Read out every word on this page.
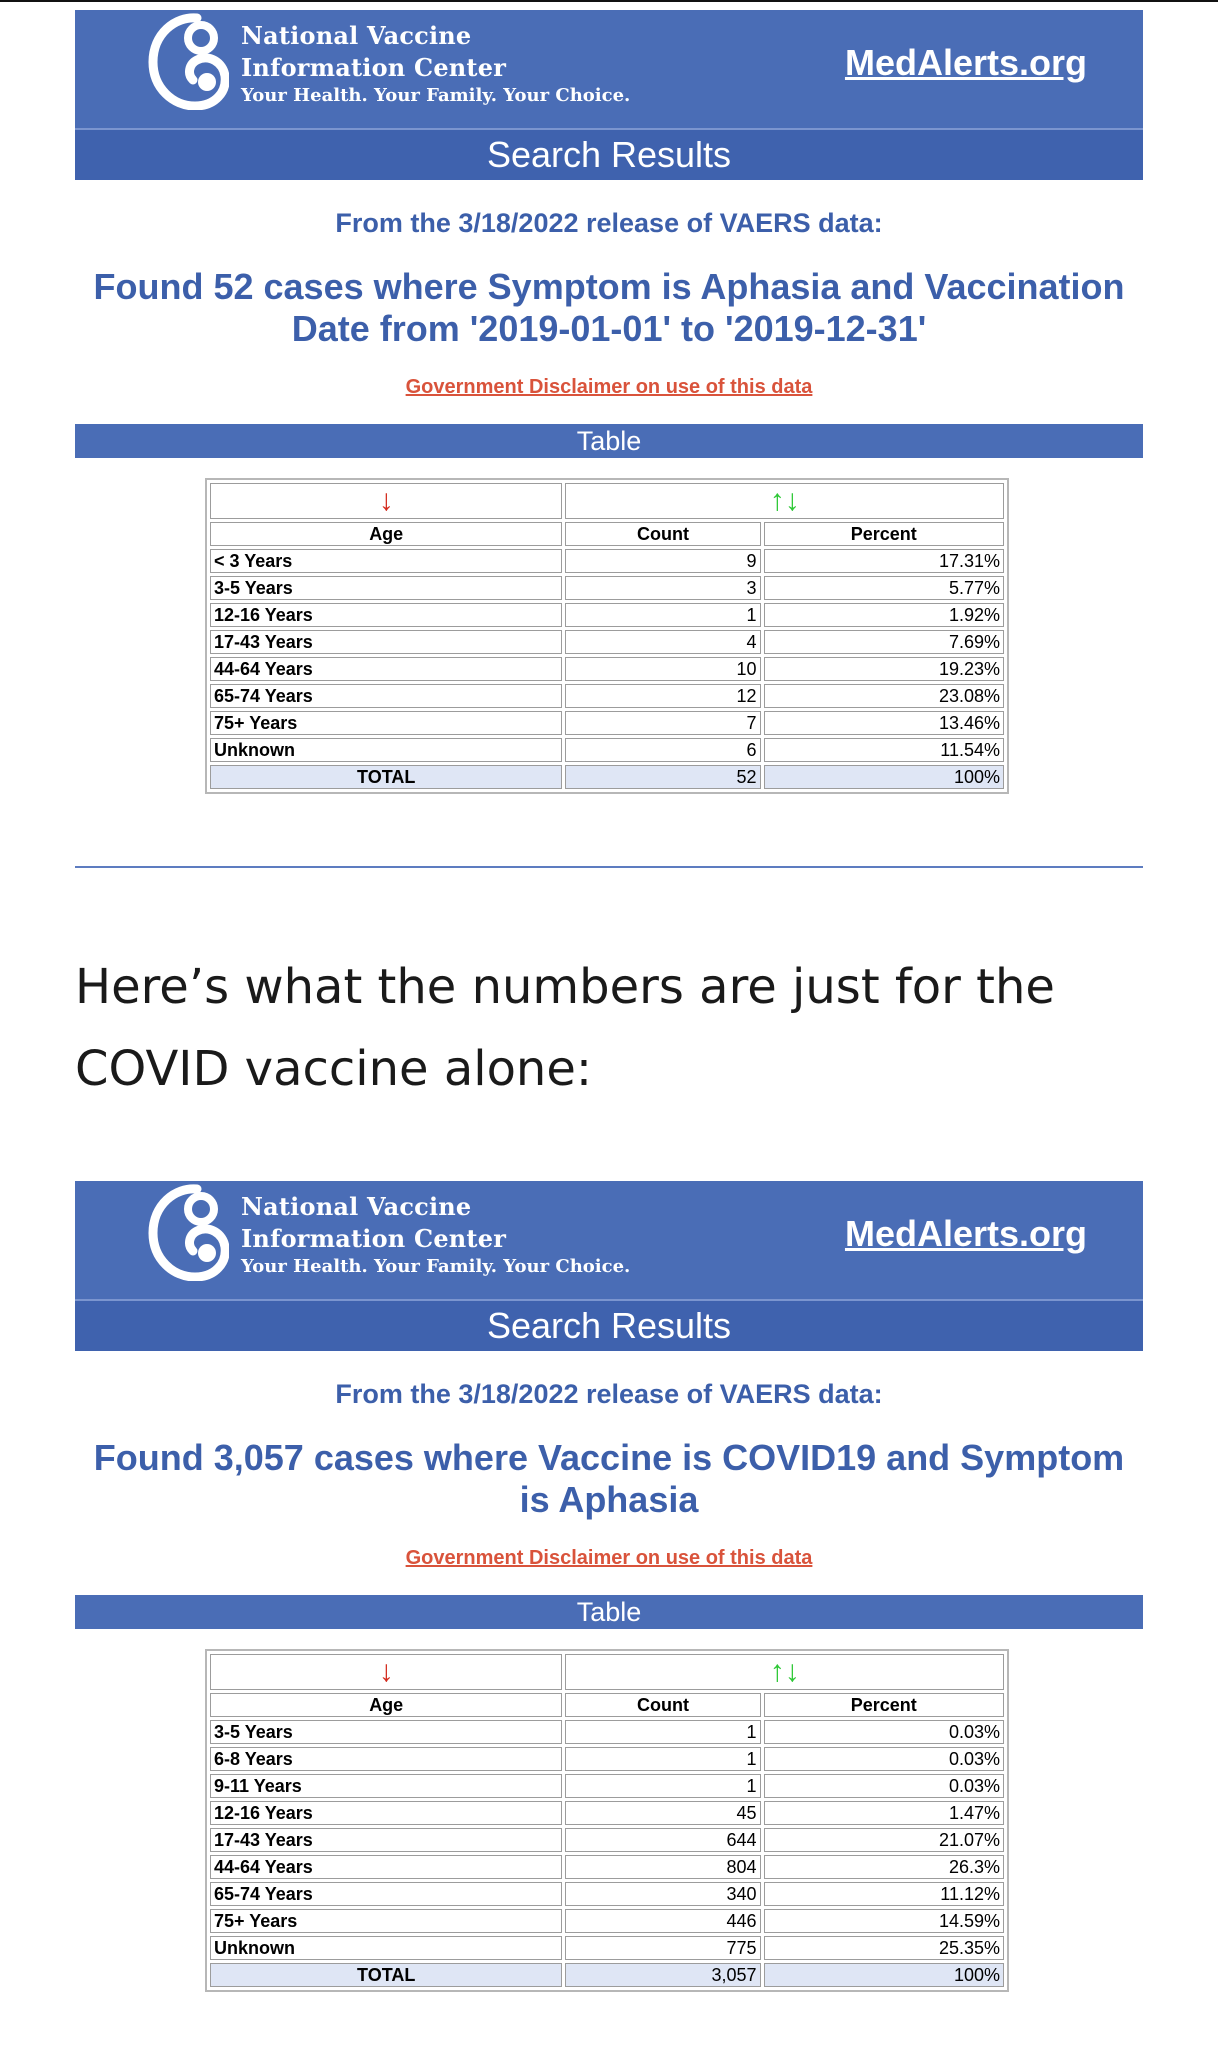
National Vaccine
Information Center
Your Health. Your Family. Your Choice.
MedAlerts.org
Search Results
From the 3/18/2022 release of VAERS data:
Found 52 cases where Symptom is Aphasia and Vaccination Date from '2019-01-01' to '2019-12-31'
Government Disclaimer on use of this data
Table
↓	↑↓	
Age	Count	Percent
< 3 Years	9	17.31%
3-5 Years	3	5.77%
12-16 Years	1	1.92%
17-43 Years	4	7.69%
44-64 Years	10	19.23%
65-74 Years	12	23.08%
75+ Years	7	13.46%
Unknown	6	11.54%
TOTAL	52	100%
Here’s what the numbers are just for the COVID vaccine alone:
National Vaccine
Information Center
Your Health. Your Family. Your Choice.
MedAlerts.org
Search Results
From the 3/18/2022 release of VAERS data:
Found 3,057 cases where Vaccine is COVID19 and Symptom is Aphasia
Government Disclaimer on use of this data
Table
↓	↑↓	
Age	Count	Percent
3-5 Years	1	0.03%
6-8 Years	1	0.03%
9-11 Years	1	0.03%
12-16 Years	45	1.47%
17-43 Years	644	21.07%
44-64 Years	804	26.3%
65-74 Years	340	11.12%
75+ Years	446	14.59%
Unknown	775	25.35%
TOTAL	3,057	100%
